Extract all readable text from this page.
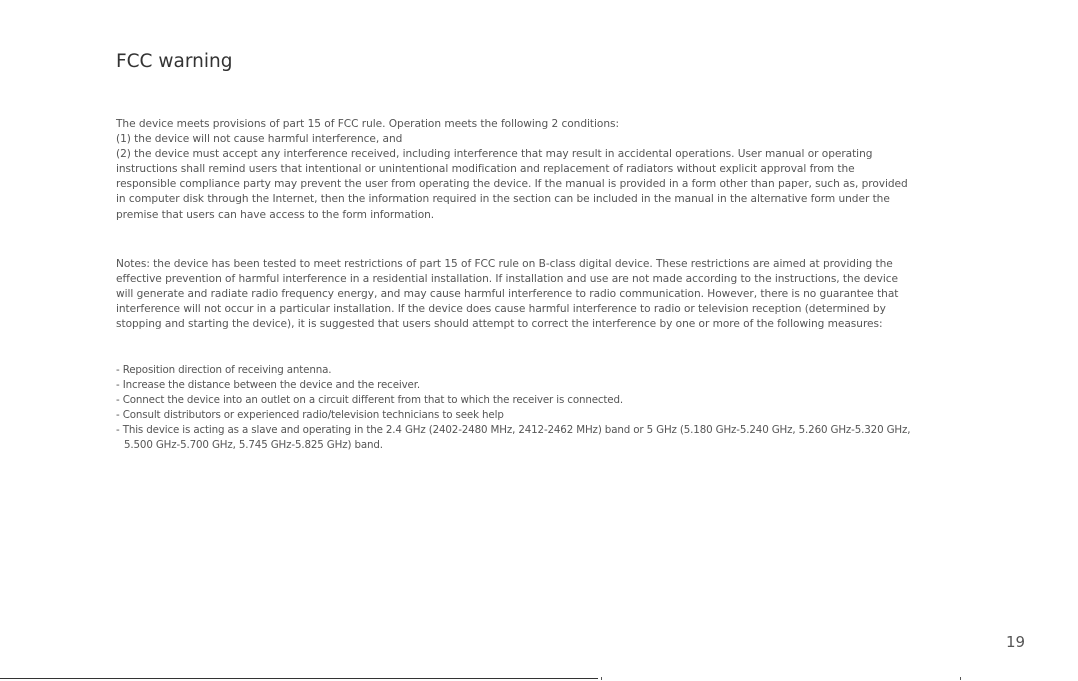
FCC warning

The device meets provisions of part 15 of FCC rule. Operation meets the following 2 conditions:
(1) the device will not cause harmful interference, and
(2) the device must accept any interference received, including interference that may result in accidental operations. User manual or operating
instructions shall remind users that intentional or unintentional modification and replacement of radiators without explicit approval from the
responsible compliance party may prevent the user from operating the device. If the manual is provided in a form other than paper, such as, provided
in computer disk through the Internet, then the information required in the section can be included in the manual in the alternative form under the
premise that users can have access to the form information.

Notes: the device has been tested to meet restrictions of part 15 of FCC rule on B-class digital device. These restrictions are aimed at providing the
effective prevention of harmful interference in a residential installation. If installation and use are not made according to the instructions, the device
will generate and radiate radio frequency energy, and may cause harmful interference to radio communication. However, there is no guarantee that
interference will not occur in a particular installation. If the device does cause harmful interference to radio or television reception (determined by
stopping and starting the device), it is suggested that users should attempt to correct the interference by one or more of the following measures:

- Reposition direction of receiving antenna.
- Increase the distance between the device and the receiver.
- Connect the device into an outlet on a circuit different from that to which the receiver is connected.
- Consult distributors or experienced radio/television technicians to seek help
- This device is acting as a slave and operating in the 2.4 GHz (2402-2480 MHz, 2412-2462 MHz) band or 5 GHz (5.180 GHz-5.240 GHz, 5.260 GHz-5.320 GHz,
5.500 GHz-5.700 GHz, 5.745 GHz-5.825 GHz) band.
19
